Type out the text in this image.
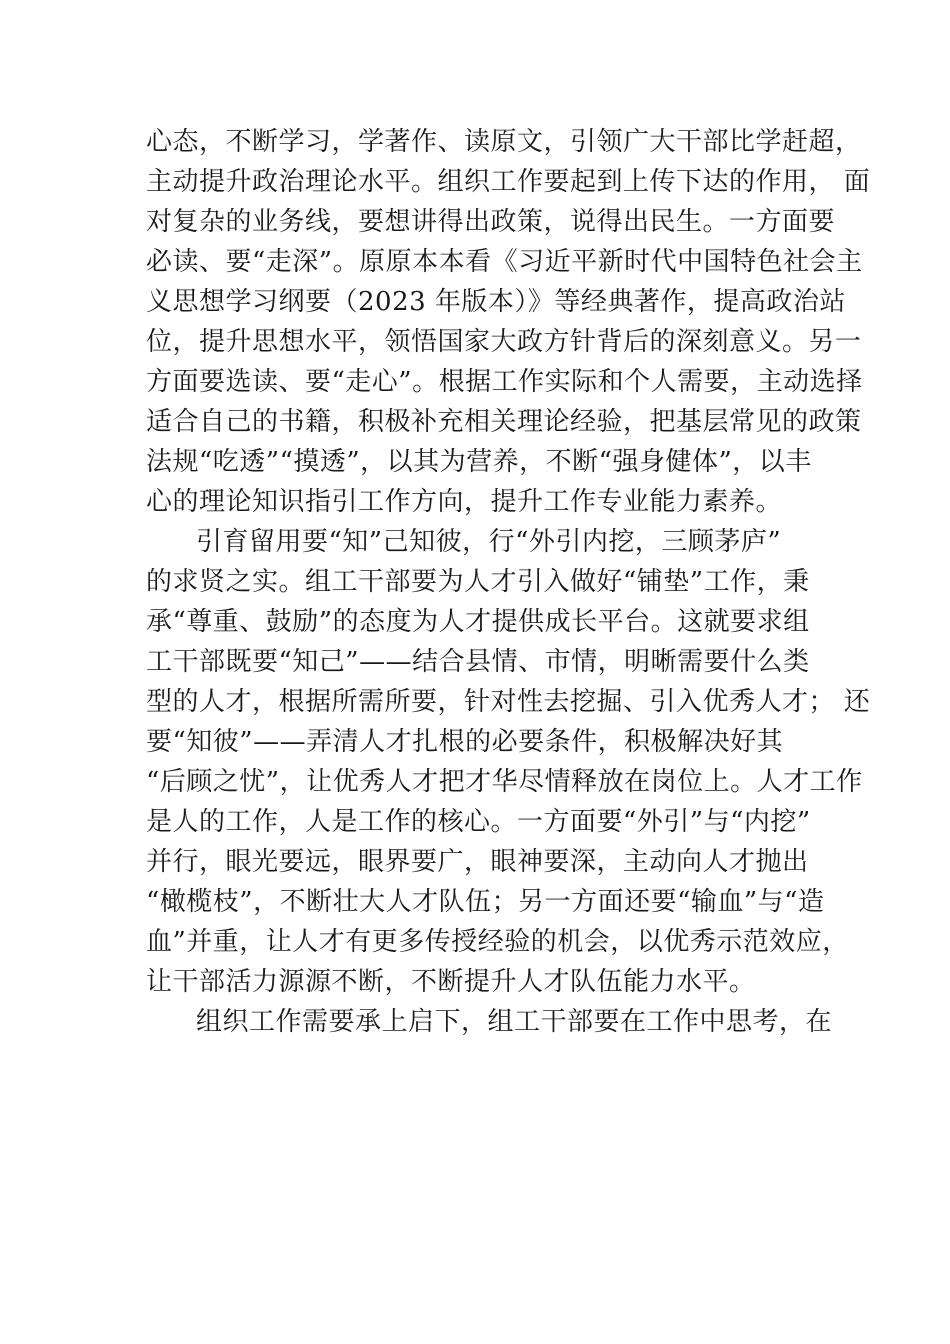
心态，不断学习，学著作、读原文，引领广大干部比学赶超，
主动提升政治理论水平。组织工作要起到上传下达的作用， 面
对复杂的业务线，要想讲得出政策，说得出民生。一方面要
必读、要“走深”。原原本本看《习近平新时代中国特色社会主
义思想学习纲要（2023 年版本）》等经典著作，提高政治站
位，提升思想水平，领悟国家大政方针背后的深刻意义。另一
方面要选读、要“走心”。根据工作实际和个人需要，主动选择
适合自己的书籍，积极补充相关理论经验，把基层常见的政策
法规“吃透”“摸透”，以其为营养，不断“强身健体”，以丰
心的理论知识指引工作方向，提升工作专业能力素养。
引育留用要“知”己知彼，行“外引内挖，三顾茅庐”
的求贤之实。组工干部要为人才引入做好“铺垫”工作，秉
承“尊重、鼓励”的态度为人才提供成长平台。这就要求组
工干部既要“知己”——结合县情、市情，明晰需要什么类
型的人才，根据所需所要，针对性去挖掘、引入优秀人才； 还
要“知彼”——弄清人才扎根的必要条件，积极解决好其
“后顾之忧”，让优秀人才把才华尽情释放在岗位上。人才工作
是人的工作，人是工作的核心。一方面要“外引”与“内挖”
并行，眼光要远，眼界要广，眼神要深，主动向人才抛出
“橄榄枝”，不断壮大人才队伍；另一方面还要“输血”与“造
血”并重，让人才有更多传授经验的机会，以优秀示范效应，
让干部活力源源不断，不断提升人才队伍能力水平。
组织工作需要承上启下，组工干部要在工作中思考，在
